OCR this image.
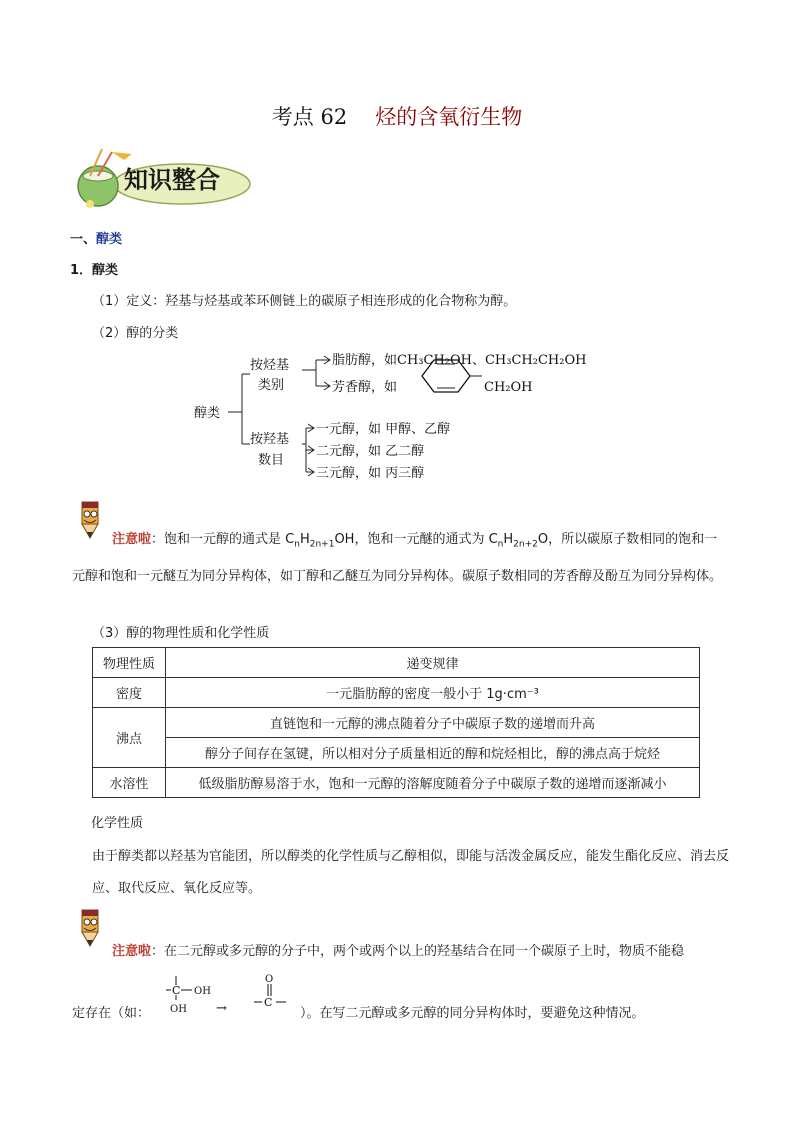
考点 62 烃的含氧衍生物
知识整合
一、醇类
1．醇类
（1）定义：羟基与烃基或苯环侧链上的碳原子相连形成的化合物称为醇。
（2）醇的分类
醇类
按烃基
类别
脂肪醇，如CH₃CH₂OH、CH₃CH₂CH₂OH
芳香醇，如	CH₂OH
按羟基
数目
一元醇，如 甲醇、乙醇
二元醇，如 乙二醇
三元醇，如 丙三醇
注意啦：饱和一元醇的通式是 $C_nH_{2n+1}OH$，饱和一元醚的通式为 $C_nH_{2n+2}O$，所以碳原子数相同的饱和一元醇和饱和一元醚互为同分异构体，如丁醇和乙醚互为同分异构体。碳原子数相同的芳香醇及酚互为同分异构体。
（3）醇的物理性质和化学性质
物理性质	递变规律
密度	一元脂肪醇的密度一般小于 1g·cm⁻³
沸点	直链饱和一元醇的沸点随着分子中碳原子数的递增而升高
	醇分子间存在氢键，所以相对分子质量相近的醇和烷烃相比，醇的沸点高于烷烃
水溶性	低级脂肪醇易溶于水，饱和一元醇的溶解度随着分子中碳原子数的递增而逐渐减小
化学性质
由于醇类都以羟基为官能团，所以醇类的化学性质与乙醇相似，即能与活泼金属反应，能发生酯化反应、消去反应、取代反应、氧化反应等。
注意啦：在二元醇或多元醇的分子中，两个或两个以上的羟基结合在同一个碳原子上时，物质不能稳
定存在（如：
C OH
OH →
O
C
）。在写二元醇或多元醇的同分异构体时，要避免这种情况。
